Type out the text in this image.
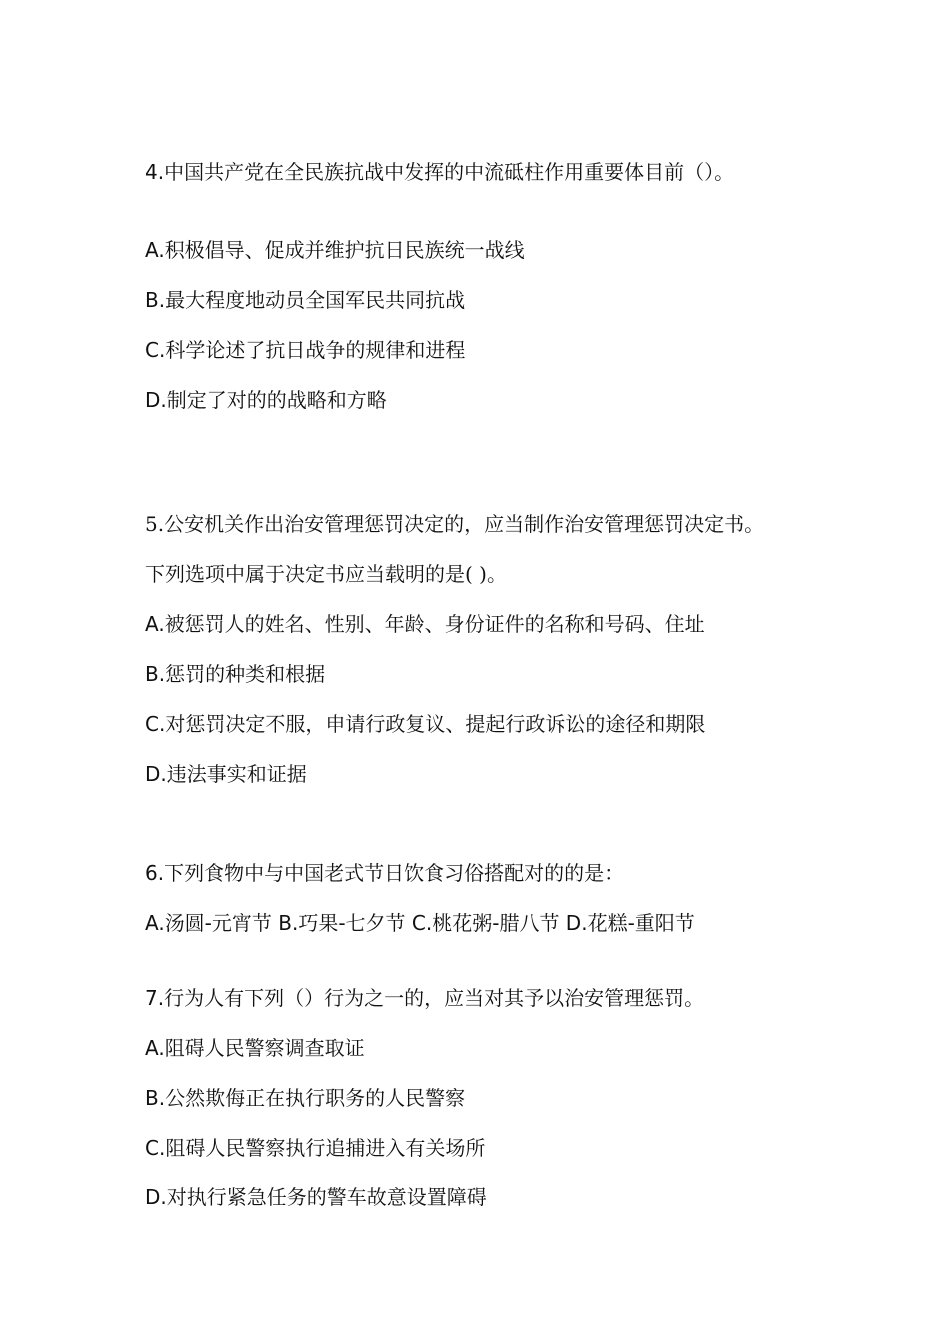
4.中国共产党在全民族抗战中发挥的中流砥柱作用重要体目前（）。
A.积极倡导、促成并维护抗日民族统一战线
B.最大程度地动员全国军民共同抗战
C.科学论述了抗日战争的规律和进程
D.制定了对的的战略和方略
5.公安机关作出治安管理惩罚决定的，应当制作治安管理惩罚决定书。
下列选项中属于决定书应当载明的是( )。
A.被惩罚人的姓名、性别、年龄、身份证件的名称和号码、住址
B.惩罚的种类和根据
C.对惩罚决定不服，申请行政复议、提起行政诉讼的途径和期限
D.违法事实和证据
6.下列食物中与中国老式节日饮食习俗搭配对的的是：
A.汤圆-元宵节 B.巧果-七夕节 C.桃花粥-腊八节 D.花糕-重阳节
7.行为人有下列（）行为之一的，应当对其予以治安管理惩罚。
A.阻碍人民警察调查取证
B.公然欺侮正在执行职务的人民警察
C.阻碍人民警察执行追捕进入有关场所
D.对执行紧急任务的警车故意设置障碍
